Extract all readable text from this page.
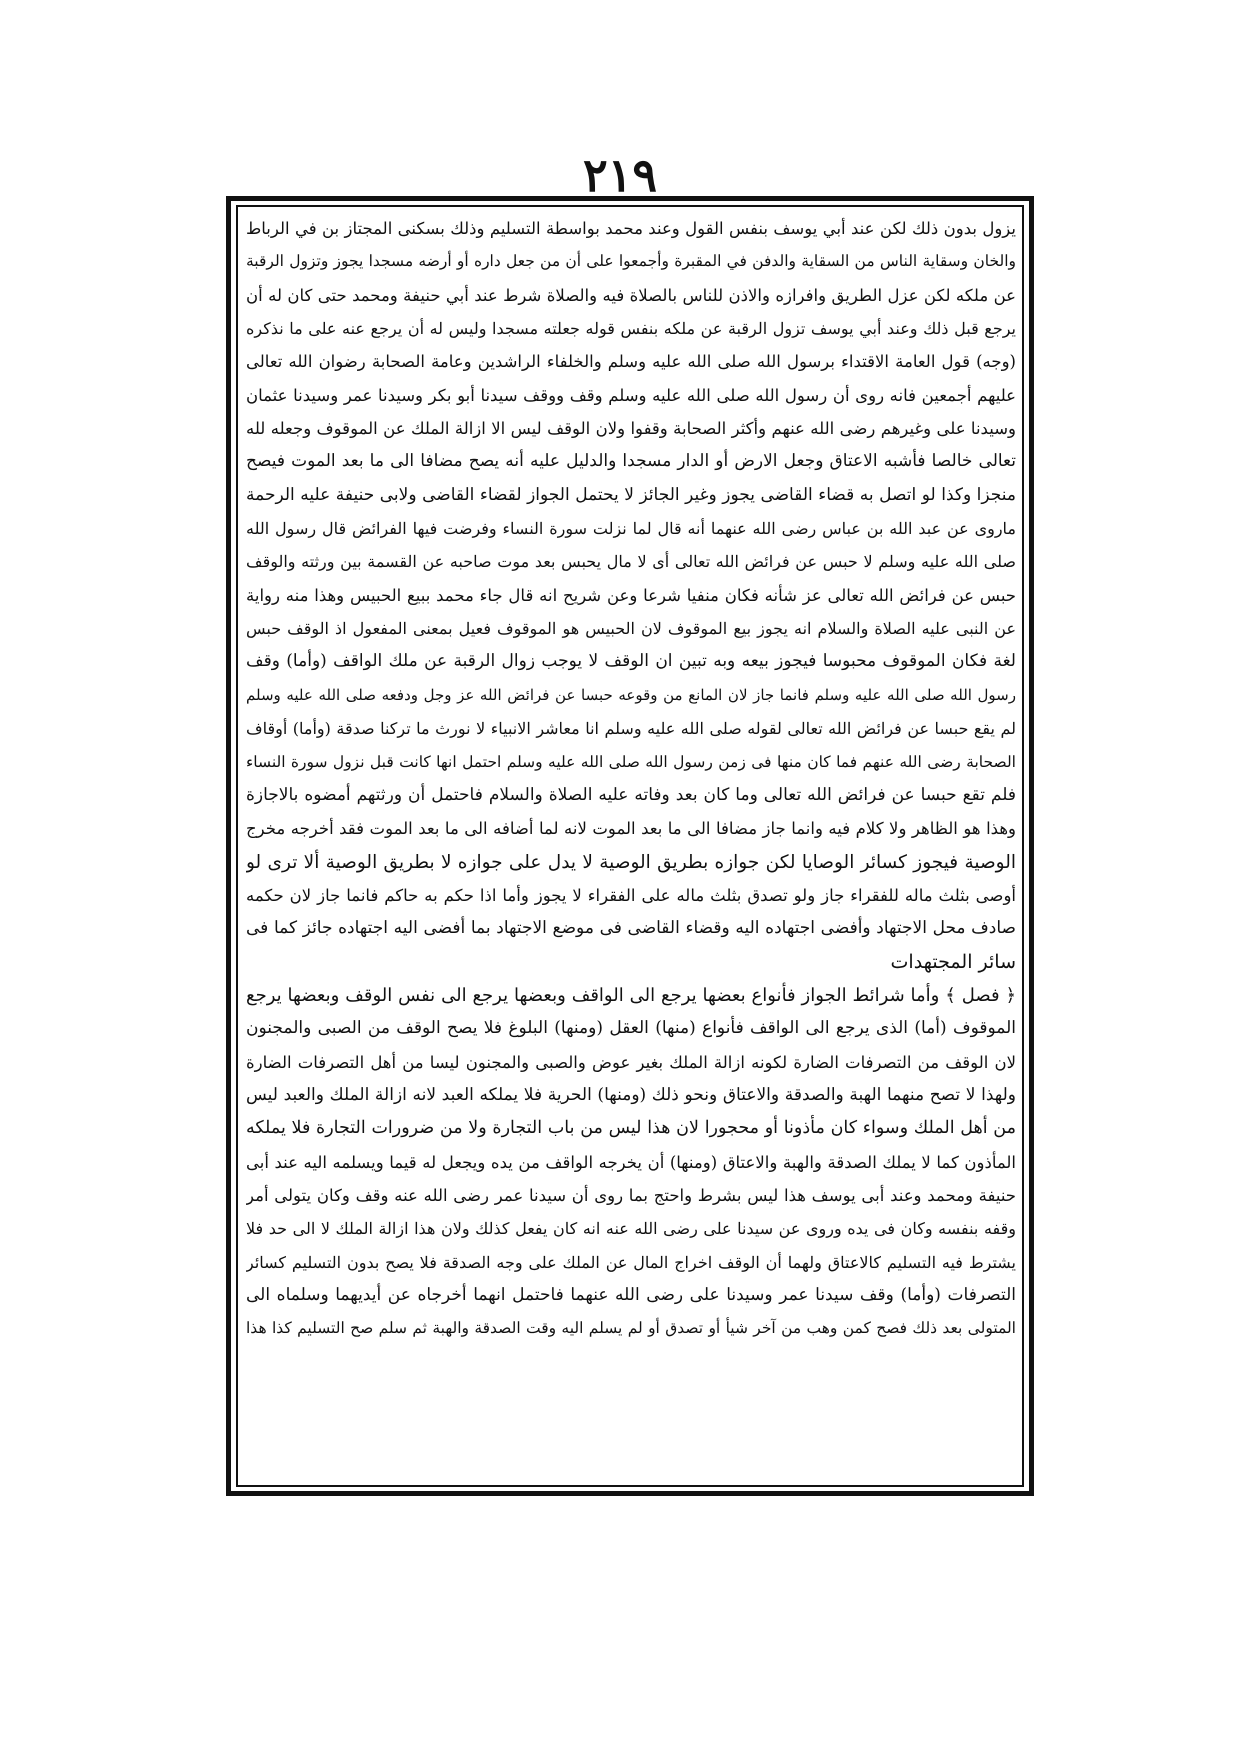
٢١٩
يزول بدون ذلك لكن عند أبي يوسف بنفس القول وعند محمد بواسطة التسليم وذلك بسكنى المجتاز بن في الرباط
والخان وسقاية الناس من السقاية والدفن في المقبرة وأجمعوا على أن من جعل داره أو أرضه مسجدا يجوز وتزول الرقبة
عن ملكه لكن عزل الطريق وافرازه والاذن للناس بالصلاة فيه والصلاة شرط عند أبي حنيفة ومحمد حتى كان له أن
يرجع قبل ذلك وعند أبي يوسف تزول الرقبة عن ملكه بنفس قوله جعلته مسجدا وليس له أن يرجع عنه على ما نذكره
(وجه) قول العامة الاقتداء برسول الله صلى الله عليه وسلم والخلفاء الراشدين وعامة الصحابة رضوان الله تعالى
عليهم أجمعين فانه روى أن رسول الله صلى الله عليه وسلم وقف ووقف سيدنا أبو بكر وسيدنا عمر وسيدنا عثمان
وسيدنا على وغيرهم رضى الله عنهم وأكثر الصحابة وقفوا ولان الوقف ليس الا ازالة الملك عن الموقوف وجعله لله
تعالى خالصا فأشبه الاعتاق وجعل الارض أو الدار مسجدا والدليل عليه أنه يصح مضافا الى ما بعد الموت فيصح
منجزا وكذا لو اتصل به قضاء القاضى يجوز وغير الجائز لا يحتمل الجواز لقضاء القاضى ولابى حنيفة عليه الرحمة
ماروى عن عبد الله بن عباس رضى الله عنهما أنه قال لما نزلت سورة النساء وفرضت فيها الفرائض قال رسول الله
صلى الله عليه وسلم لا حبس عن فرائض الله تعالى أى لا مال يحبس بعد موت صاحبه عن القسمة بين ورثته والوقف
حبس عن فرائض الله تعالى عز شأنه فكان منفيا شرعا وعن شريح انه قال جاء محمد ببيع الحبيس وهذا منه رواية
عن النبى عليه الصلاة والسلام انه يجوز بيع الموقوف لان الحبيس هو الموقوف فعيل بمعنى المفعول اذ الوقف حبس
لغة فكان الموقوف محبوسا فيجوز بيعه وبه تبين ان الوقف لا يوجب زوال الرقبة عن ملك الواقف (وأما) وقف
رسول الله صلى الله عليه وسلم فانما جاز لان المانع من وقوعه حبسا عن فرائض الله عز وجل ودفعه صلى الله عليه وسلم
لم يقع حبسا عن فرائض الله تعالى لقوله صلى الله عليه وسلم انا معاشر الانبياء لا نورث ما تركنا صدقة (وأما) أوقاف
الصحابة رضى الله عنهم فما كان منها فى زمن رسول الله صلى الله عليه وسلم احتمل انها كانت قبل نزول سورة النساء
فلم تقع حبسا عن فرائض الله تعالى وما كان بعد وفاته عليه الصلاة والسلام فاحتمل أن ورثتهم أمضوه بالاجازة
وهذا هو الظاهر ولا كلام فيه وانما جاز مضافا الى ما بعد الموت لانه لما أضافه الى ما بعد الموت فقد أخرجه مخرج
الوصية فيجوز كسائر الوصايا لكن جوازه بطريق الوصية لا يدل على جوازه لا بطريق الوصية ألا ترى لو
أوصى بثلث ماله للفقراء جاز ولو تصدق بثلث ماله على الفقراء لا يجوز وأما اذا حكم به حاكم فانما جاز لان حكمه
صادف محل الاجتهاد وأفضى اجتهاده اليه وقضاء القاضى فى موضع الاجتهاد بما أفضى اليه اجتهاده جائز كما فى
سائر المجتهدات
﴿ فصل ﴾ وأما شرائط الجواز فأنواع بعضها يرجع الى الواقف وبعضها يرجع الى نفس الوقف وبعضها يرجع
الموقوف (أما) الذى يرجع الى الواقف فأنواع (منها) العقل (ومنها) البلوغ فلا يصح الوقف من الصبى والمجنون
لان الوقف من التصرفات الضارة لكونه ازالة الملك بغير عوض والصبى والمجنون ليسا من أهل التصرفات الضارة
ولهذا لا تصح منهما الهبة والصدقة والاعتاق ونحو ذلك (ومنها) الحرية فلا يملكه العبد لانه ازالة الملك والعبد ليس
من أهل الملك وسواء كان مأذونا أو محجورا لان هذا ليس من باب التجارة ولا من ضرورات التجارة فلا يملكه
المأذون كما لا يملك الصدقة والهبة والاعتاق (ومنها) أن يخرجه الواقف من يده ويجعل له قيما ويسلمه اليه عند أبى
حنيفة ومحمد وعند أبى يوسف هذا ليس بشرط واحتج بما روى أن سيدنا عمر رضى الله عنه وقف وكان يتولى أمر
وقفه بنفسه وكان فى يده وروى عن سيدنا على رضى الله عنه انه كان يفعل كذلك ولان هذا ازالة الملك لا الى حد فلا
يشترط فيه التسليم كالاعتاق ولهما أن الوقف اخراج المال عن الملك على وجه الصدقة فلا يصح بدون التسليم كسائر
التصرفات (وأما) وقف سيدنا عمر وسيدنا على رضى الله عنهما فاحتمل انهما أخرجاه عن أيديهما وسلماه الى
المتولى بعد ذلك فصح كمن وهب من آخر شيأ أو تصدق أو لم يسلم اليه وقت الصدقة والهبة ثم سلم صح التسليم كذا هذا
